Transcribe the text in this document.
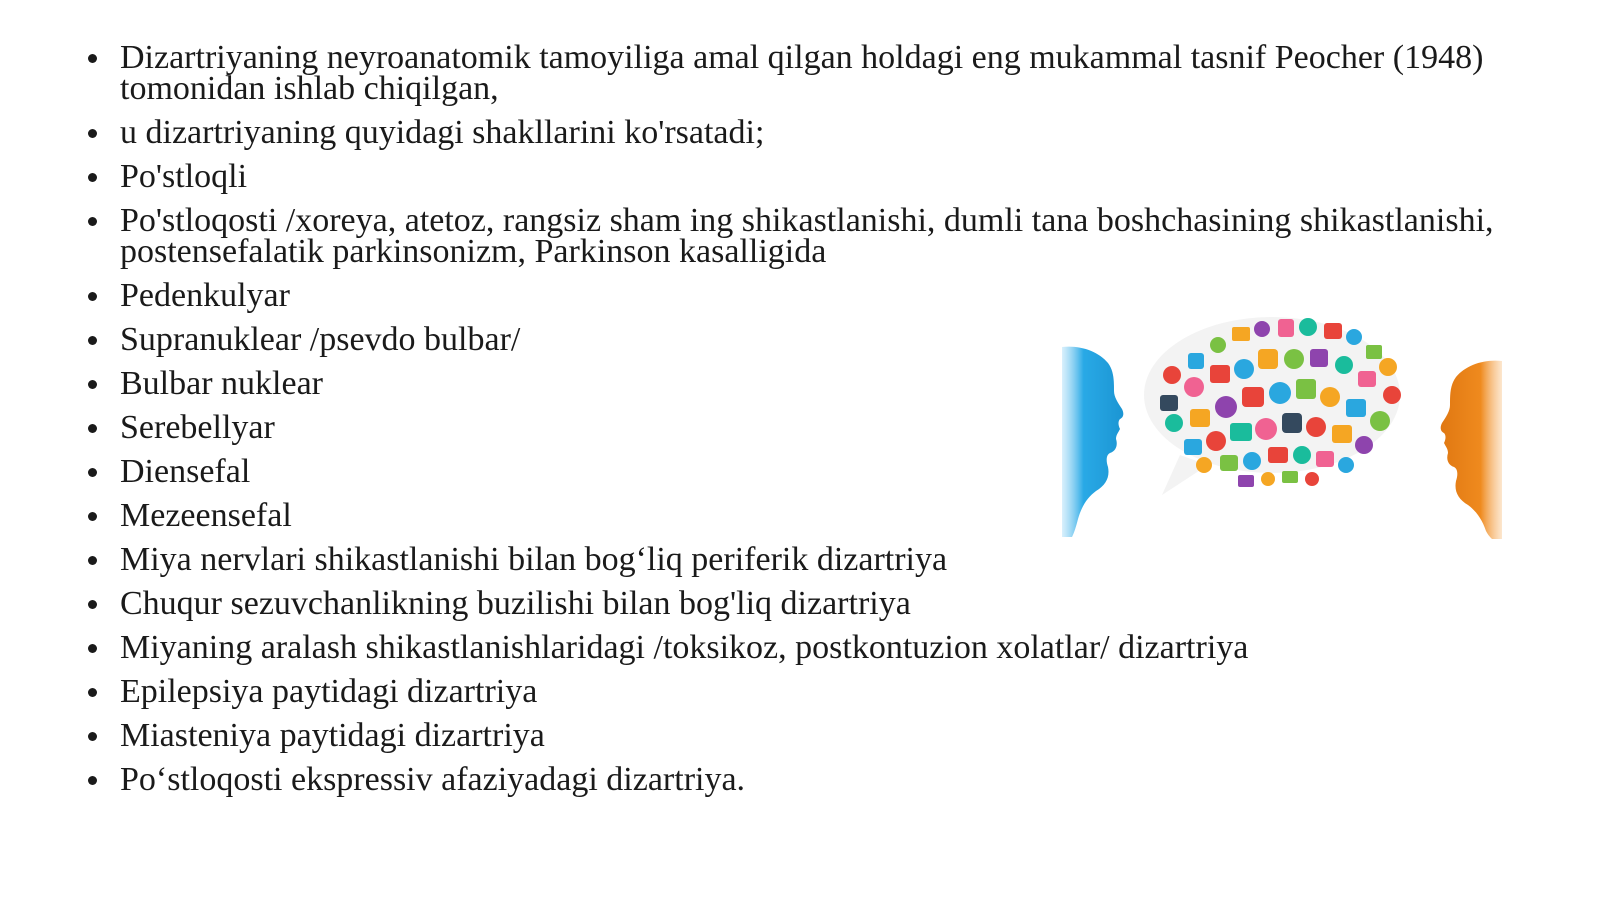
Dizartriyaning neyroanatomik tamoyiliga amal qilgan holdagi eng mukammal tasnif Peocher (1948) tomonidan ishlab chiqilgan,
u dizartriyaning quyidagi shakllarini ko'rsatadi;
Po'stloqli
Po'stloqosti /xoreya, atetoz, rangsiz sham ing shikastlanishi, dumli tana boshchasining shikastlanishi, postensefalatik parkinsonizm, Parkinson kasalligida
Pedenkulyar
Supranuklear /psevdo bulbar/
Bulbar nuklear
Serebellyar
Diensefal
Mezeensefal
Miya nervlari shikastlanishi bilan bog‘liq periferik dizartriya
Chuqur sezuvchanlikning buzilishi bilan bog'liq dizartriya
Miyaning aralash shikastlanishlaridagi /toksikoz, postkontuzion xolatlar/ dizartriya
Epilepsiya paytidagi dizartriya
Miasteniya paytidagi dizartriya
Po‘stloqosti ekspressiv afaziyadagi dizartriya.
